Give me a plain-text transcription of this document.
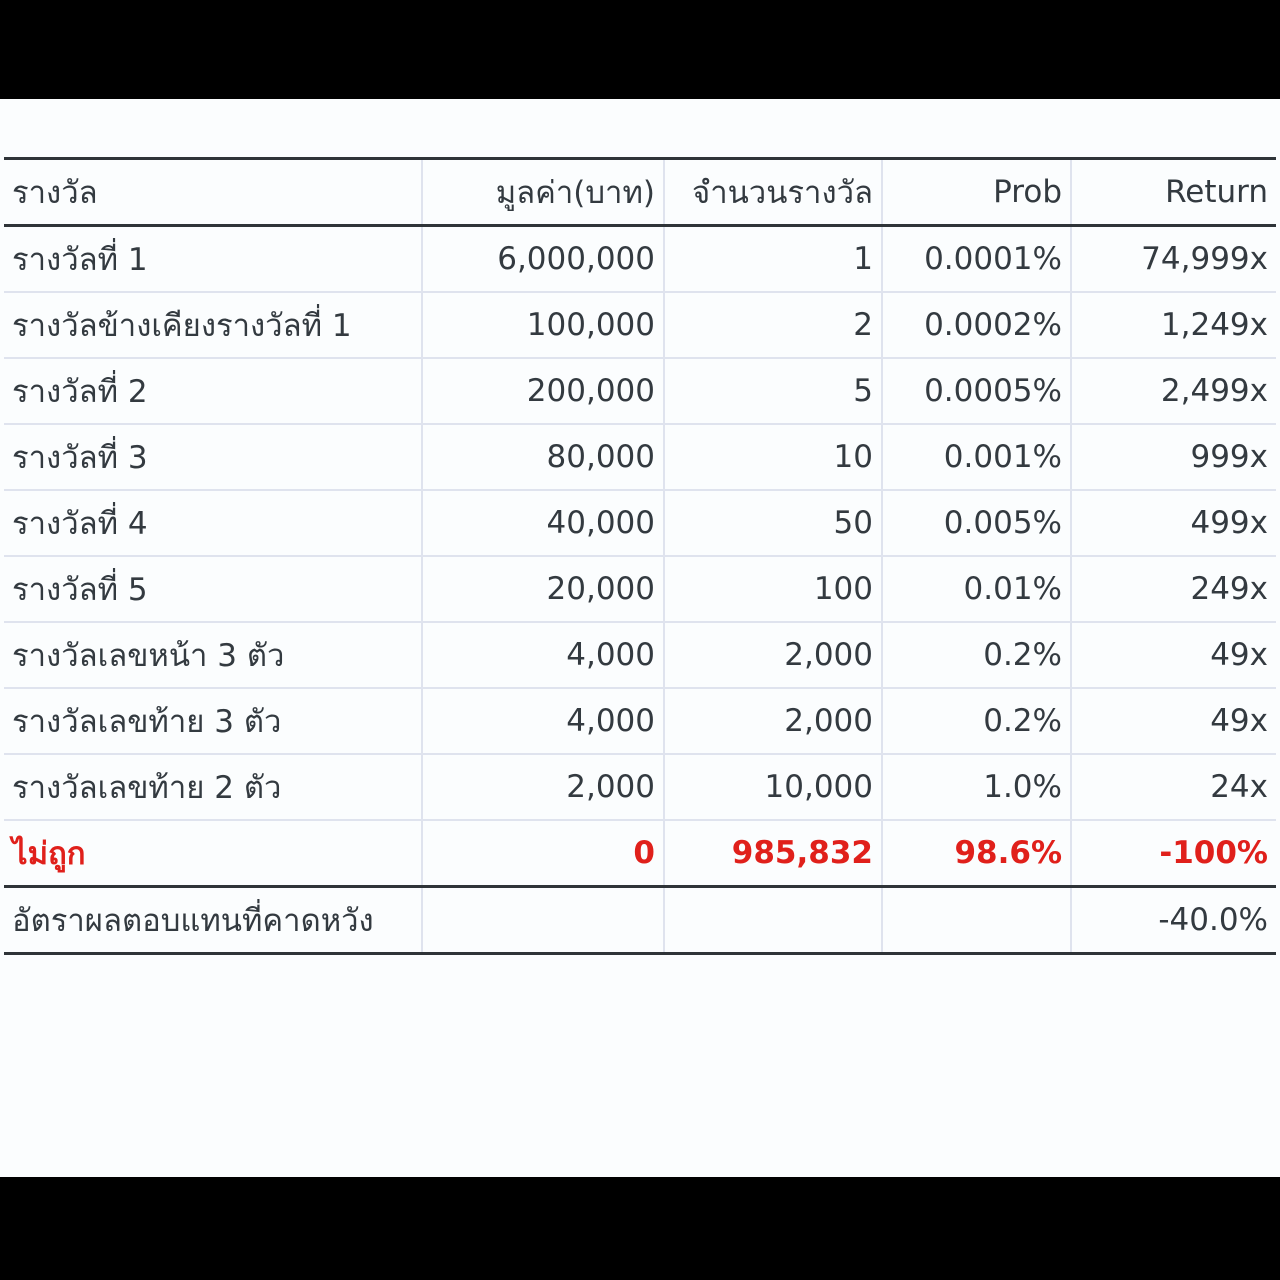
รางวัล	มูลค่า(บาท)	จำนวนรางวัล	Prob	Return
รางวัลที่ 1	6,000,000	1	0.0001%	74,999x
รางวัลข้างเคียงรางวัลที่ 1	100,000	2	0.0002%	1,249x
รางวัลที่ 2	200,000	5	0.0005%	2,499x
รางวัลที่ 3	80,000	10	0.001%	999x
รางวัลที่ 4	40,000	50	0.005%	499x
รางวัลที่ 5	20,000	100	0.01%	249x
รางวัลเลขหน้า 3 ตัว	4,000	2,000	0.2%	49x
รางวัลเลขท้าย 3 ตัว	4,000	2,000	0.2%	49x
รางวัลเลขท้าย 2 ตัว	2,000	10,000	1.0%	24x
ไม่ถูก	0	985,832	98.6%	-100%
อัตราผลตอบแทนที่คาดหวัง				-40.0%
